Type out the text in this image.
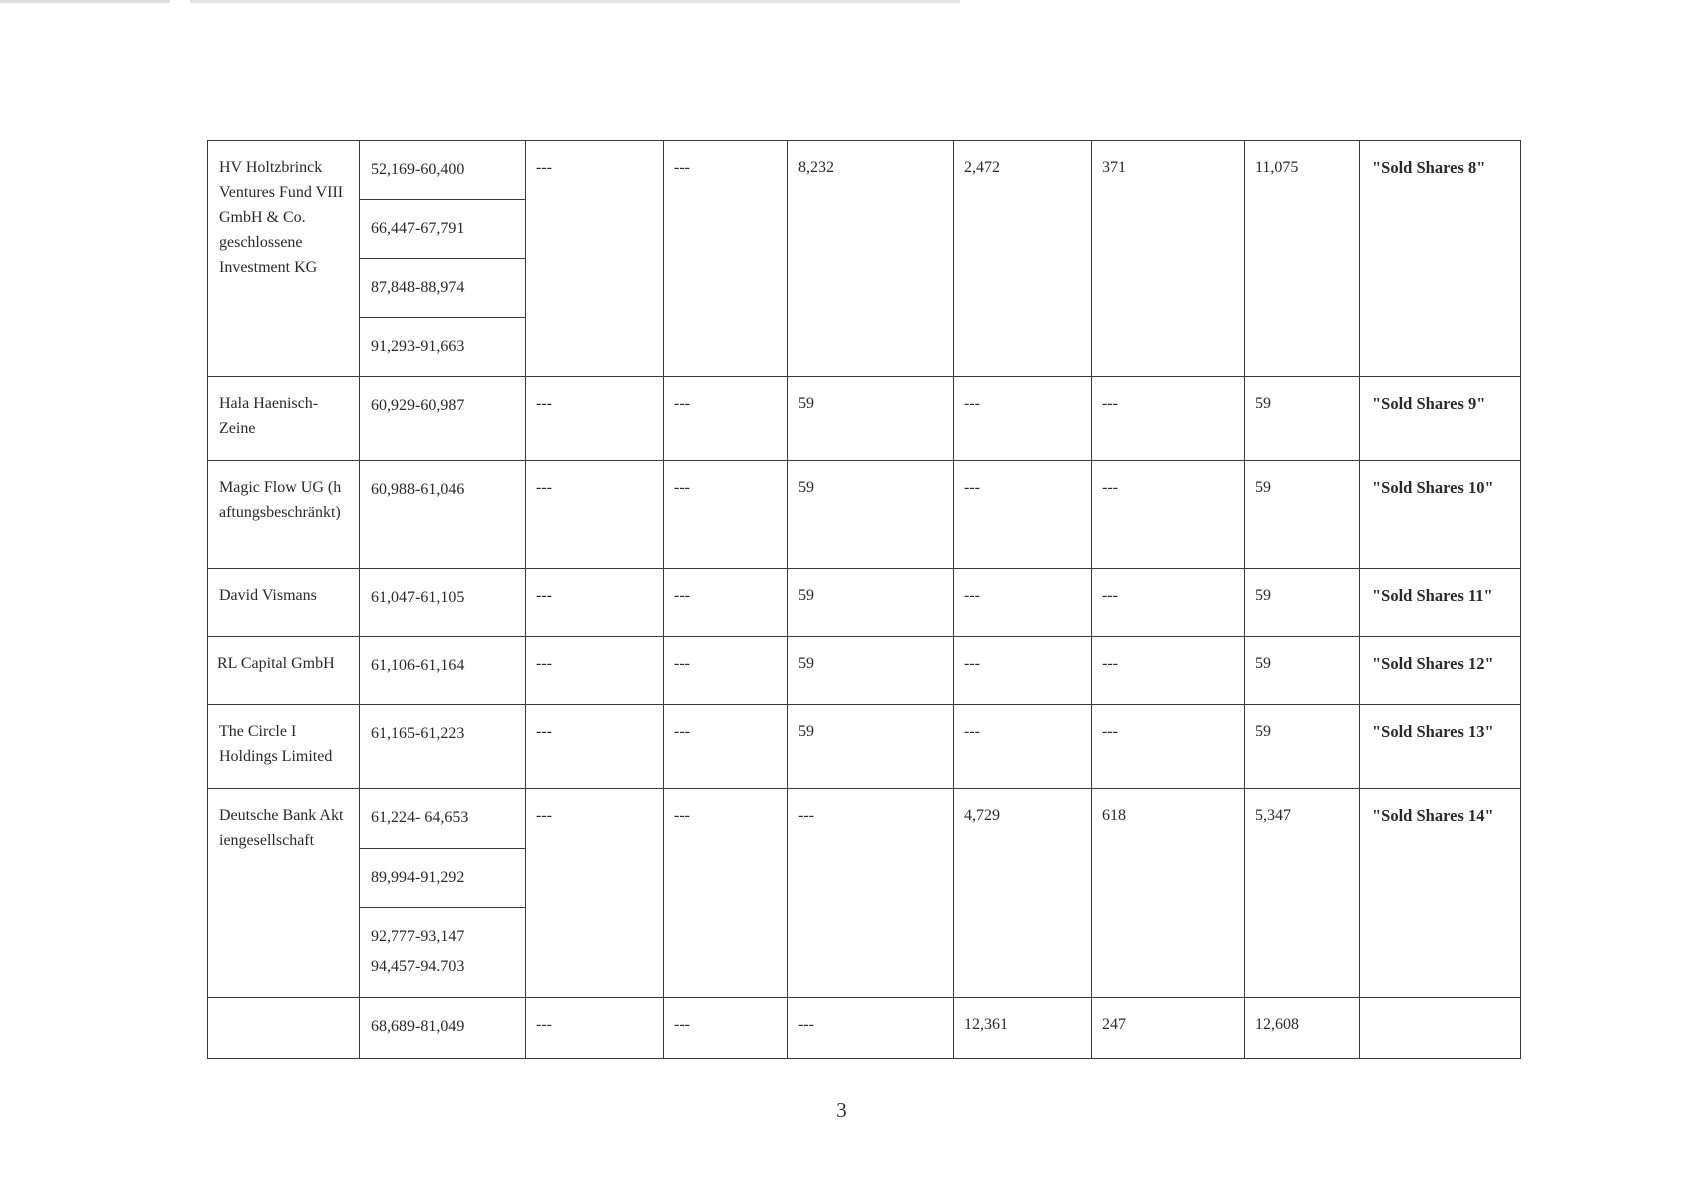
HV Holtzbrinck Ventures Fund VIII GmbH & Co. geschlossene Investment KG	52,169-60,400	---	---	8,232	2,472	371	11,075	"Sold Shares 8"

	66,447-67,791							

	87,848-88,974							

	91,293-91,663							

Hala Haenisch-Zeine	60,929-60,987	---	---	59	---	---	59	"Sold Shares 9"

Magic Flow UG (haftungsbeschränkt)	60,988-61,046	---	---	59	---	---	59	"Sold Shares 10"

David Vismans	61,047-61,105	---	---	59	---	---	59	"Sold Shares 11"

RL Capital GmbH	61,106-61,164	---	---	59	---	---	59	"Sold Shares 12"

The Circle I Holdings Limited	61,165-61,223	---	---	59	---	---	59	"Sold Shares 13"

Deutsche Bank Aktiengesellschaft	61,224- 64,653	---	---	---	4,729	618	5,347	"Sold Shares 14"

	89,994-91,292							

	92,777-93,147
94,457-94.703							

	68,689-81,049	---	---	---	12,361	247	12,608	

3
